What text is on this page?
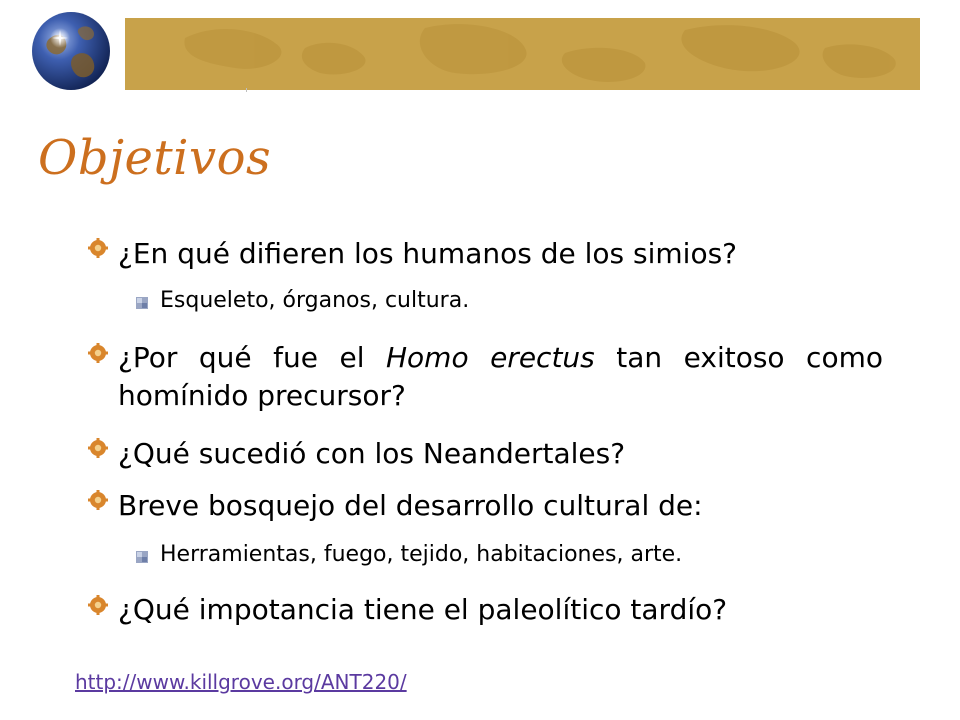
Objetivos
¿En qué difieren los humanos de los simios?
Esqueleto, órganos, cultura.
¿Por qué fue el Homo erectus tan exitoso como homínido precursor?
¿Qué sucedió con los Neandertales?
Breve bosquejo del desarrollo cultural de:
Herramientas, fuego, tejido, habitaciones, arte.
¿Qué impotancia tiene el paleolítico tardío?
http://www.killgrove.org/ANT220/
